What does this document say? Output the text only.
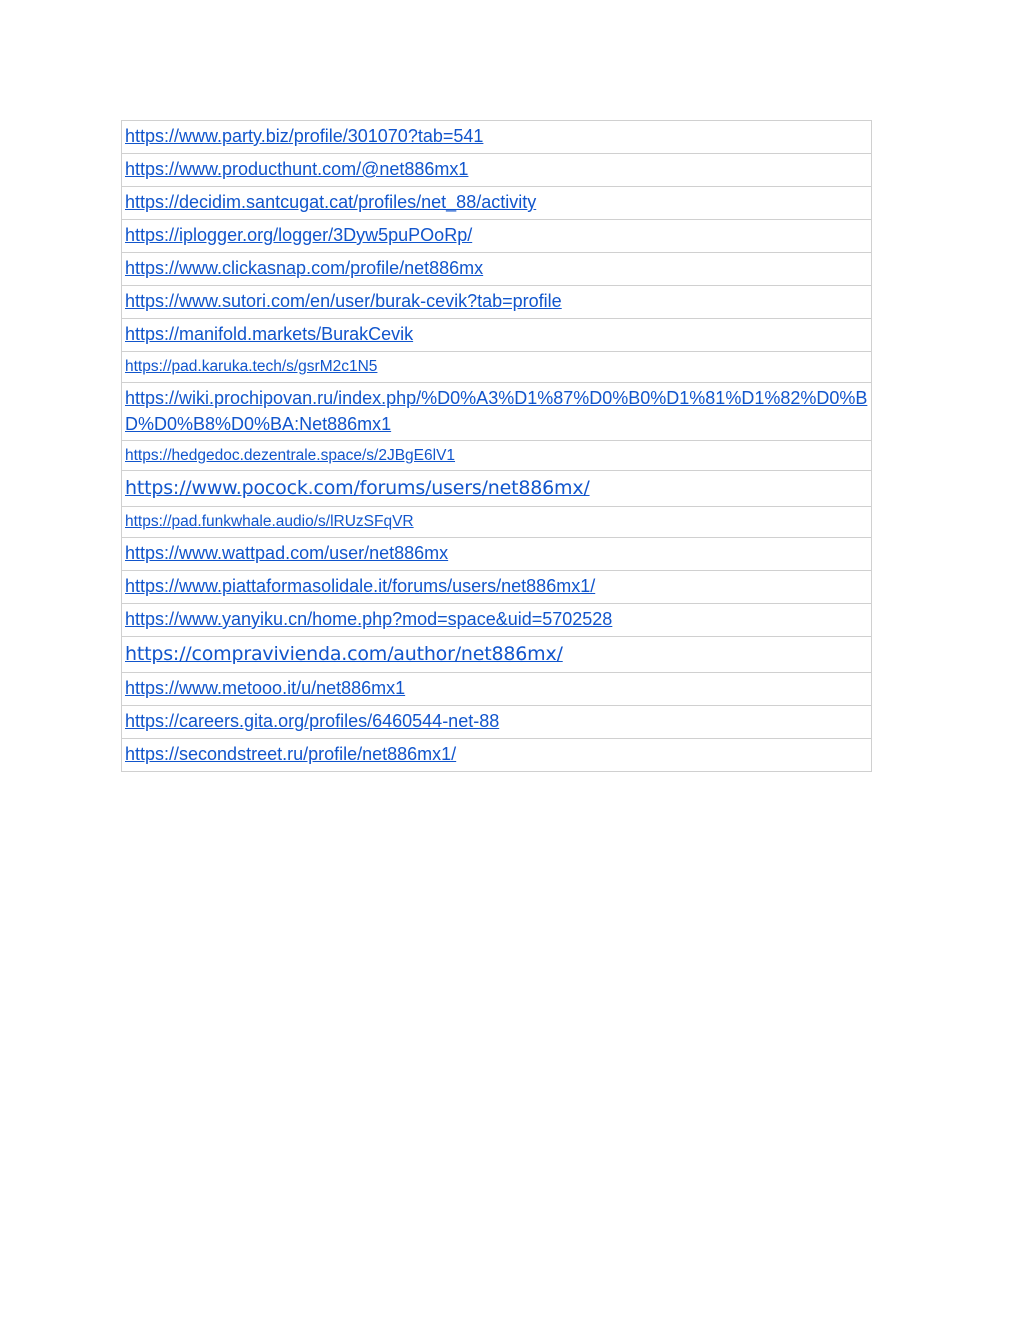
https://www.party.biz/profile/301070?tab=541
https://www.producthunt.com/@net886mx1
https://decidim.santcugat.cat/profiles/net_88/activity
https://iplogger.org/logger/3Dyw5puPOoRp/
https://www.clickasnap.com/profile/net886mx
https://www.sutori.com/en/user/burak-cevik?tab=profile
https://manifold.markets/BurakCevik
https://pad.karuka.tech/s/gsrM2c1N5
https://wiki.prochipovan.ru/index.php/%D0%A3%D1%87%D0%B0%D1%81%D1%82%D0%BD%D0%B8%D0%BA:Net886mx1
https://hedgedoc.dezentrale.space/s/2JBgE6lV1
https://www.pocock.com/forums/users/net886mx/
https://pad.funkwhale.audio/s/lRUzSFqVR
https://www.wattpad.com/user/net886mx
https://www.piattaformasolidale.it/forums/users/net886mx1/
https://www.yanyiku.cn/home.php?mod=space&uid=5702528
https://compravivienda.com/author/net886mx/
https://www.metooo.it/u/net886mx1
https://careers.gita.org/profiles/6460544-net-88
https://secondstreet.ru/profile/net886mx1/
